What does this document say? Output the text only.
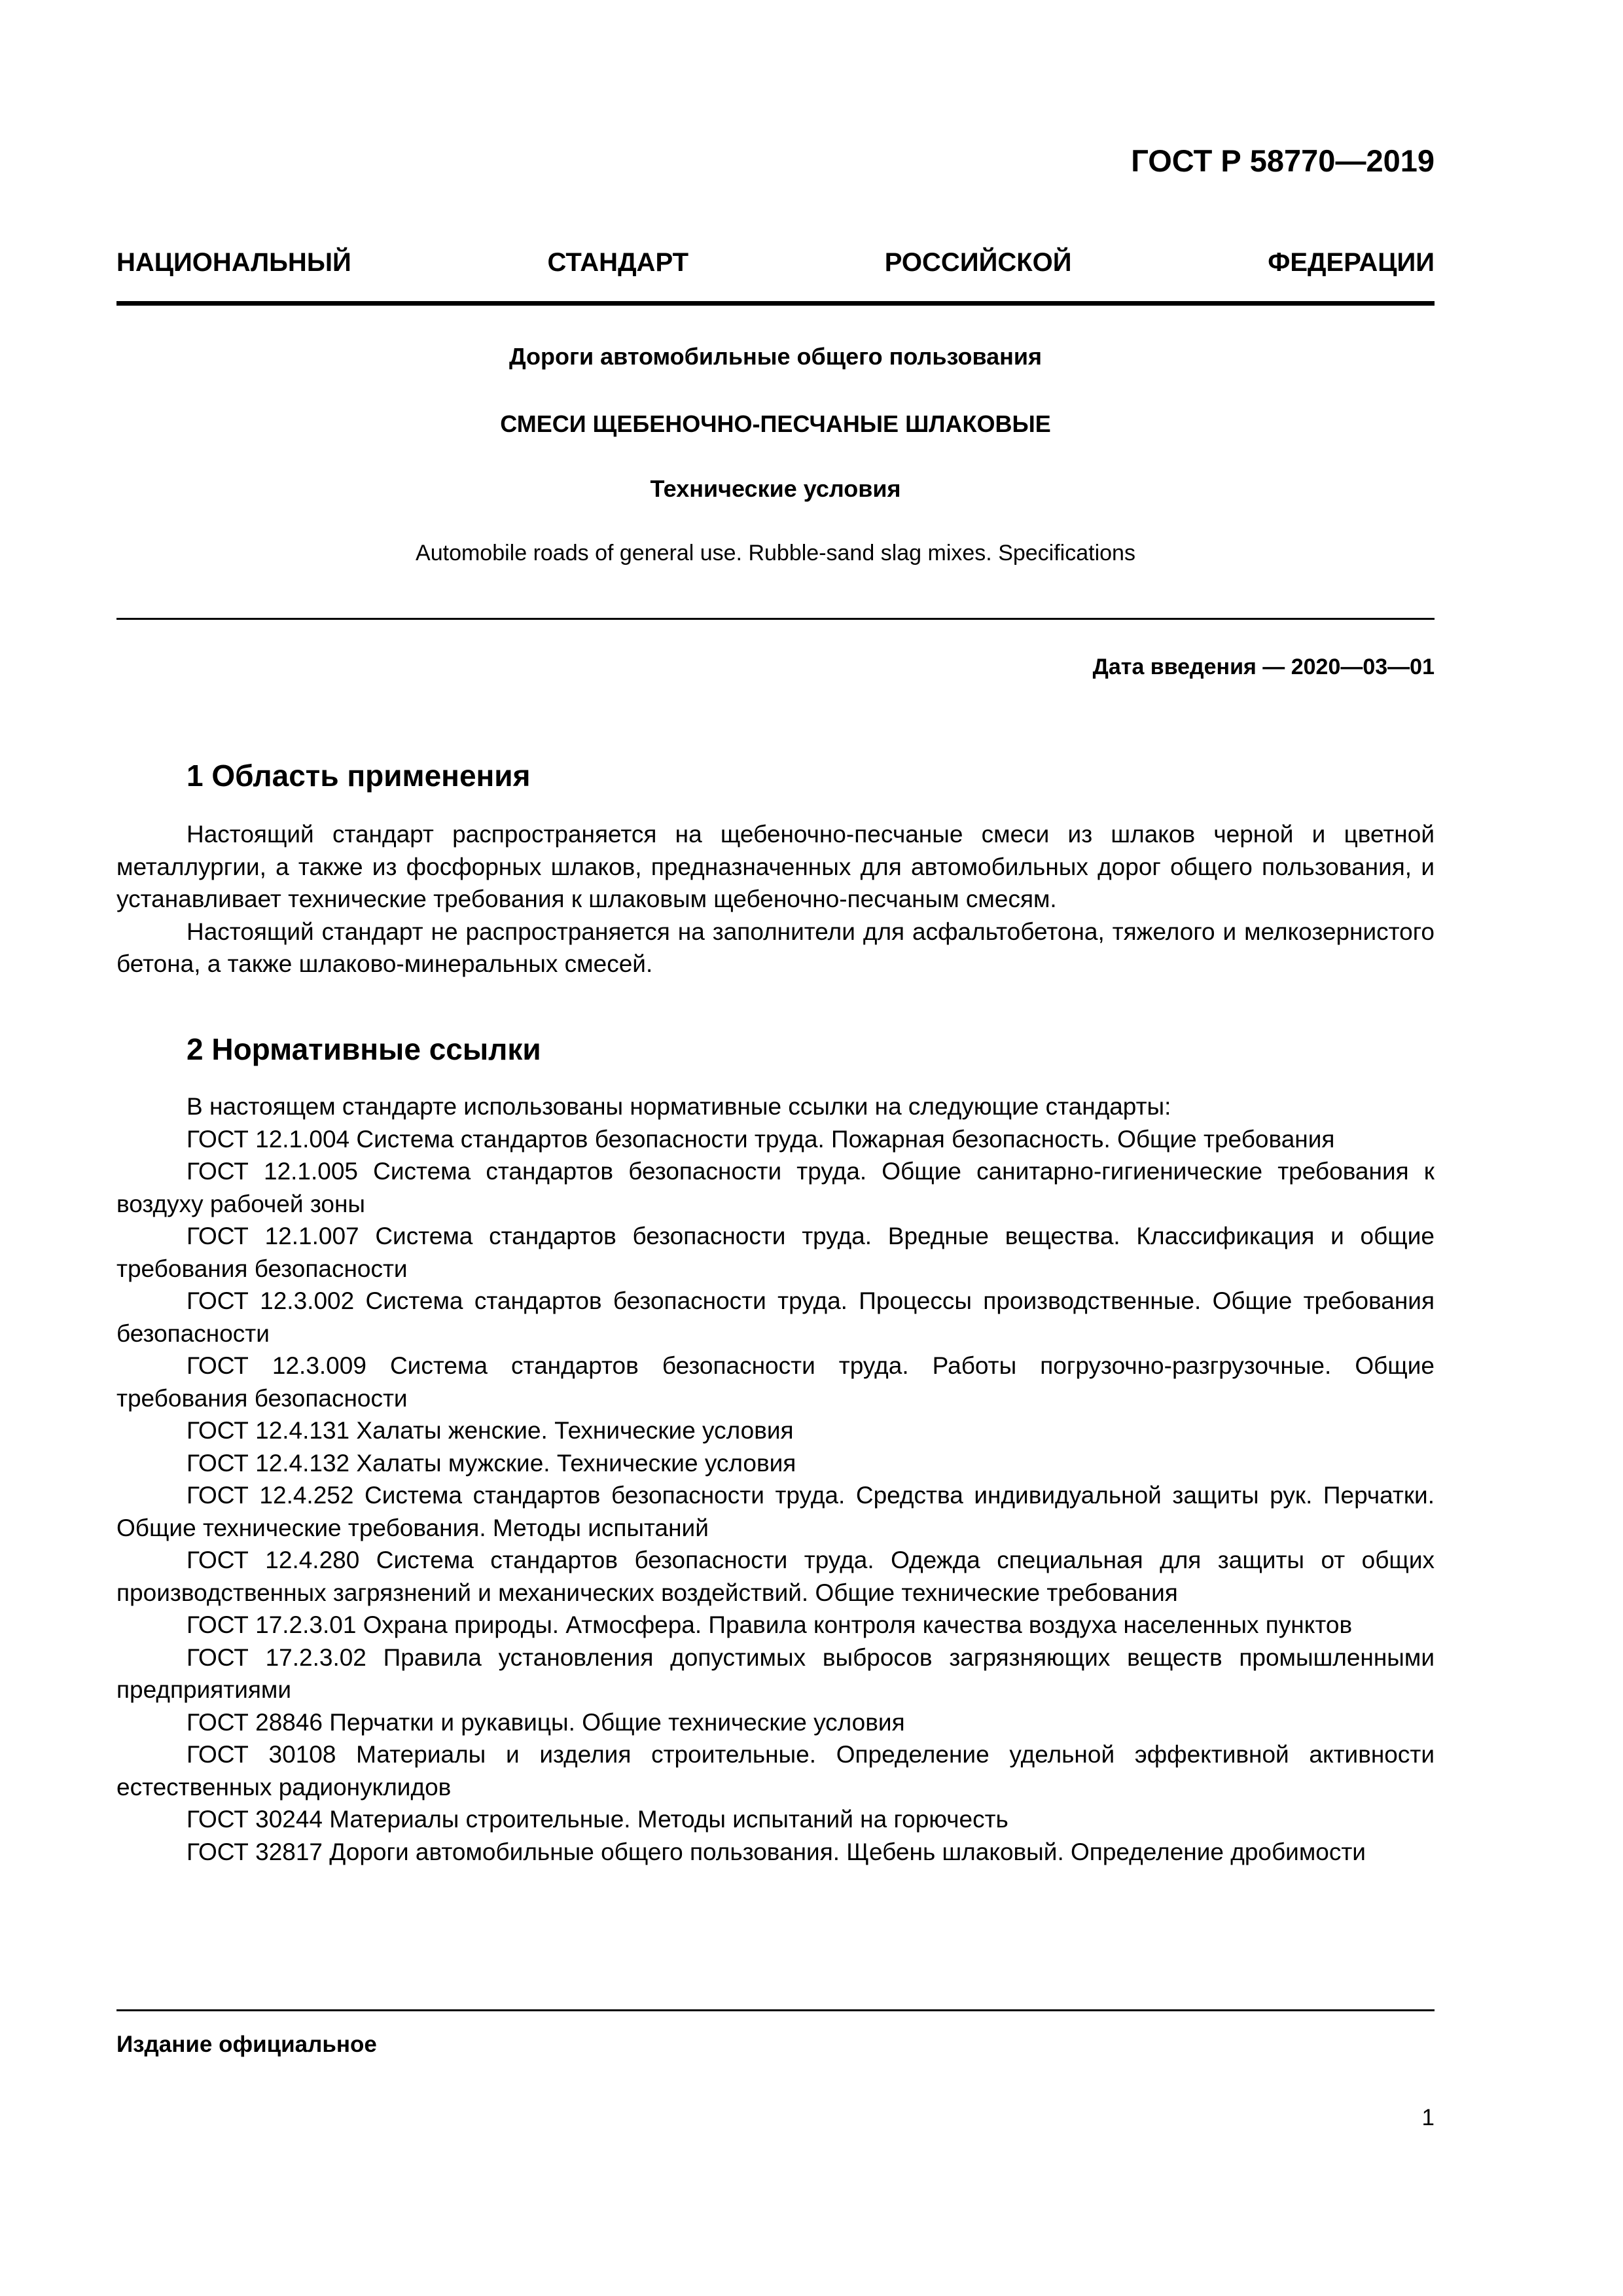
ГОСТ Р 58770—2019
НАЦИОНАЛЬНЫЙ	СТАНДАРТ	РОССИЙСКОЙ	ФЕДЕРАЦИИ
Дороги автомобильные общего пользования
СМЕСИ ЩЕБЕНОЧНО-ПЕСЧАНЫЕ ШЛАКОВЫЕ
Технические условия
Automobile roads of general use. Rubble-sand slag mixes. Specifications
Дата введения — 2020—03—01
1 Область применения

Настоящий стандарт распространяется на щебеночно-песчаные смеси из шлаков черной и цветной металлургии, а также из фосфорных шлаков, предназначенных для автомобильных дорог общего пользования, и устанавливает технические требования к шлаковым щебеночно-песчаным смесям.

Настоящий стандарт не распространяется на заполнители для асфальтобетона, тяжелого и мелкозернистого бетона, а также шлаково-минеральных смесей.

2 Нормативные ссылки

В настоящем стандарте использованы нормативные ссылки на следующие стандарты:

ГОСТ 12.1.004 Система стандартов безопасности труда. Пожарная безопасность. Общие требования

ГОСТ 12.1.005 Система стандартов безопасности труда. Общие санитарно-гигиенические требования к воздуху рабочей зоны

ГОСТ 12.1.007 Система стандартов безопасности труда. Вредные вещества. Классификация и общие требования безопасности

ГОСТ 12.3.002 Система стандартов безопасности труда. Процессы производственные. Общие требования безопасности

ГОСТ 12.3.009 Система стандартов безопасности труда. Работы погрузочно-разгрузочные. Общие требования безопасности

ГОСТ 12.4.131 Халаты женские. Технические условия

ГОСТ 12.4.132 Халаты мужские. Технические условия

ГОСТ 12.4.252 Система стандартов безопасности труда. Средства индивидуальной защиты рук. Перчатки. Общие технические требования. Методы испытаний

ГОСТ 12.4.280 Система стандартов безопасности труда. Одежда специальная для защиты от общих производственных загрязнений и механических воздействий. Общие технические требования

ГОСТ 17.2.3.01 Охрана природы. Атмосфера. Правила контроля качества воздуха населенных пунктов

ГОСТ 17.2.3.02 Правила установления допустимых выбросов загрязняющих веществ промышленными предприятиями

ГОСТ 28846 Перчатки и рукавицы. Общие технические условия

ГОСТ 30108 Материалы и изделия строительные. Определение удельной эффективной активности естественных радионуклидов

ГОСТ 30244 Материалы строительные. Методы испытаний на горючесть

ГОСТ 32817 Дороги автомобильные общего пользования. Щебень шлаковый. Определение дробимости

Издание официальное
1
